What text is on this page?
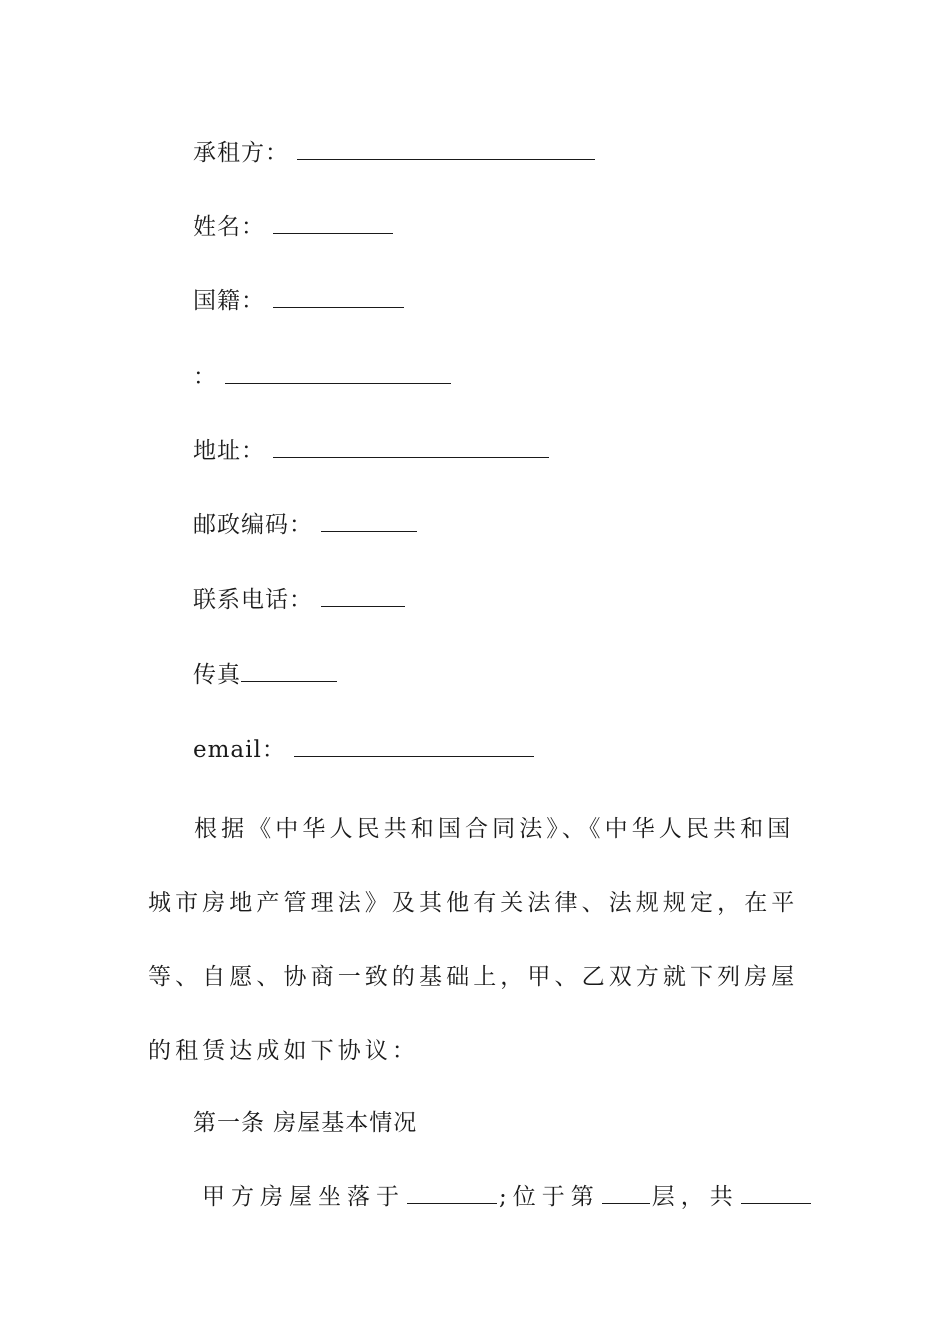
承租方：
姓名：
国籍：
：
地址：
邮政编码：
联系电话：
传真
email：
根据《中华人民共和国合同法》、《中华人民共和国城市房地产管理法》及其他有关法律、法规规定，在平等、自愿、协商一致的基础上，甲、乙双方就下列房屋的租赁达成如下协议：
第一条 房屋基本情况
甲方房屋坐落于	;位于第 层，共
